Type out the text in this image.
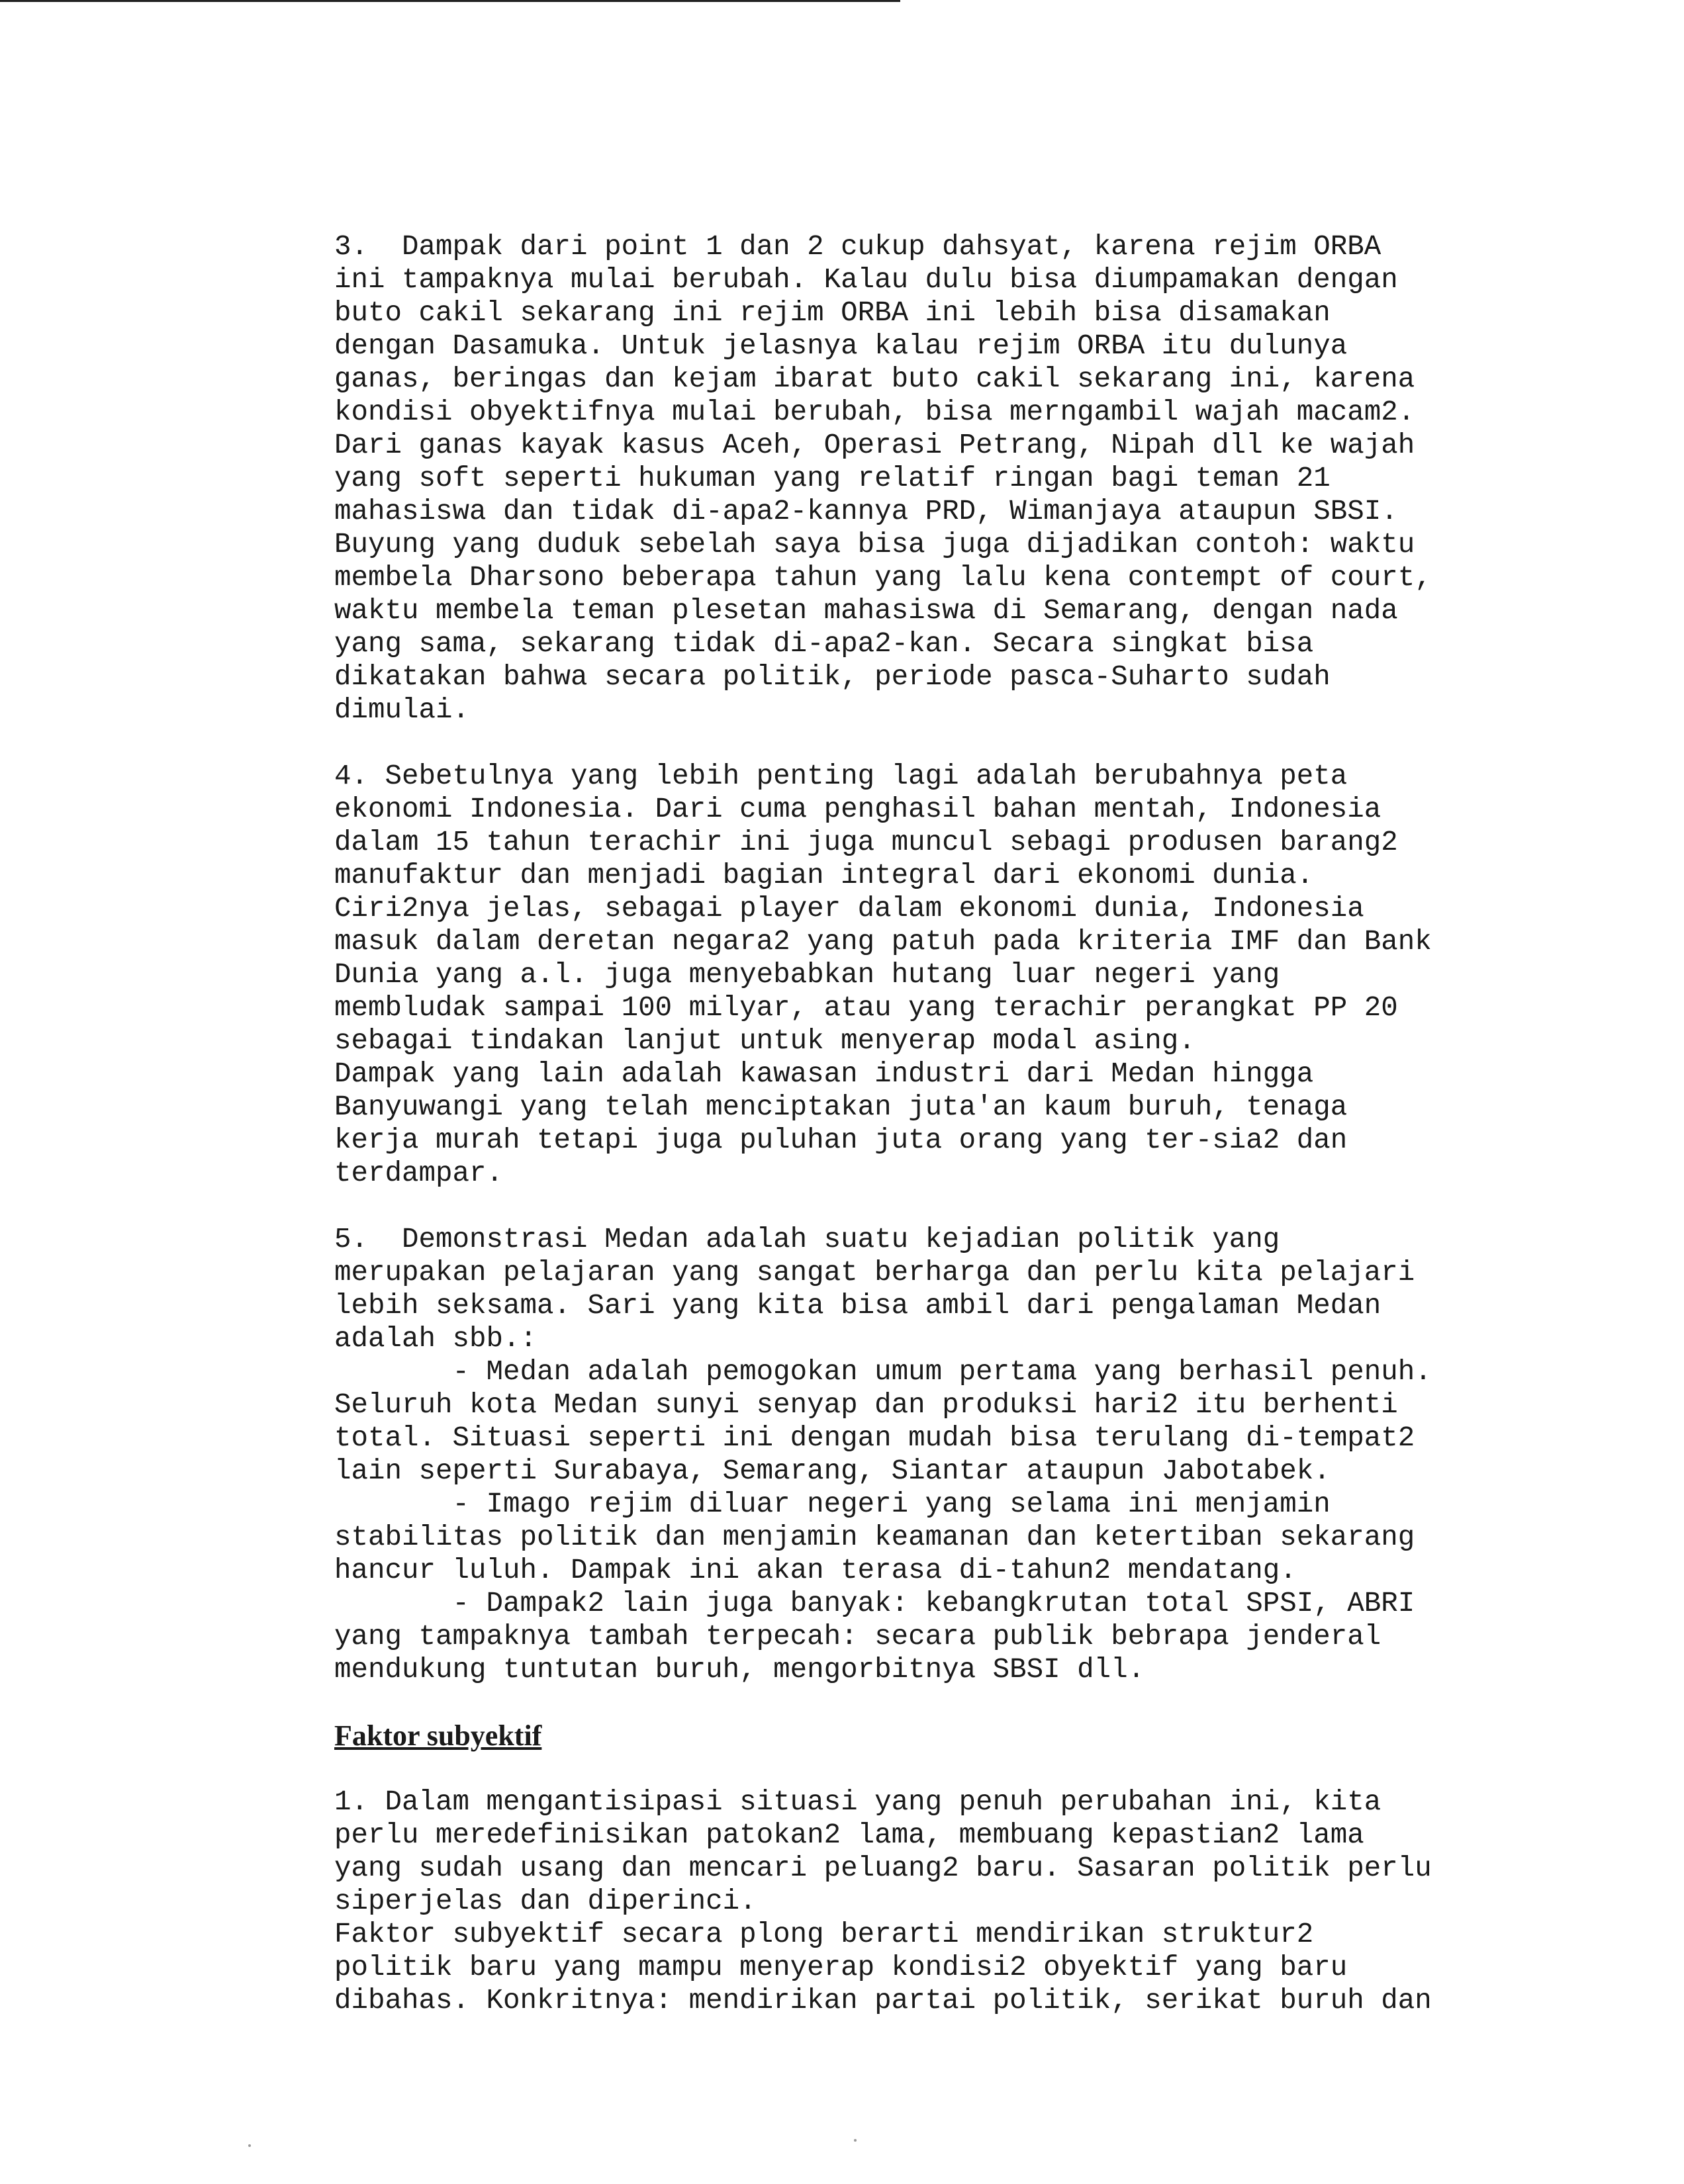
3.  Dampak dari point 1 dan 2 cukup dahsyat, karena rejim ORBA
ini tampaknya mulai berubah. Kalau dulu bisa diumpamakan dengan
buto cakil sekarang ini rejim ORBA ini lebih bisa disamakan
dengan Dasamuka. Untuk jelasnya kalau rejim ORBA itu dulunya
ganas, beringas dan kejam ibarat buto cakil sekarang ini, karena
kondisi obyektifnya mulai berubah, bisa merngambil wajah macam2.
Dari ganas kayak kasus Aceh, Operasi Petrang, Nipah dll ke wajah
yang soft seperti hukuman yang relatif ringan bagi teman 21
mahasiswa dan tidak di-apa2-kannya PRD, Wimanjaya ataupun SBSI.
Buyung yang duduk sebelah saya bisa juga dijadikan contoh: waktu
membela Dharsono beberapa tahun yang lalu kena contempt of court,
waktu membela teman plesetan mahasiswa di Semarang, dengan nada
yang sama, sekarang tidak di-apa2-kan. Secara singkat bisa
dikatakan bahwa secara politik, periode pasca-Suharto sudah
dimulai.
4. Sebetulnya yang lebih penting lagi adalah berubahnya peta
ekonomi Indonesia. Dari cuma penghasil bahan mentah, Indonesia
dalam 15 tahun terachir ini juga muncul sebagi produsen barang2
manufaktur dan menjadi bagian integral dari ekonomi dunia.
Ciri2nya jelas, sebagai player dalam ekonomi dunia, Indonesia
masuk dalam deretan negara2 yang patuh pada kriteria IMF dan Bank
Dunia yang a.l. juga menyebabkan hutang luar negeri yang
membludak sampai 100 milyar, atau yang terachir perangkat PP 20
sebagai tindakan lanjut untuk menyerap modal asing.
Dampak yang lain adalah kawasan industri dari Medan hingga
Banyuwangi yang telah menciptakan juta'an kaum buruh, tenaga
kerja murah tetapi juga puluhan juta orang yang ter-sia2 dan
terdampar.
5.  Demonstrasi Medan adalah suatu kejadian politik yang
merupakan pelajaran yang sangat berharga dan perlu kita pelajari
lebih seksama. Sari yang kita bisa ambil dari pengalaman Medan
adalah sbb.:
- Medan adalah pemogokan umum pertama yang berhasil penuh.
Seluruh kota Medan sunyi senyap dan produksi hari2 itu berhenti
total. Situasi seperti ini dengan mudah bisa terulang di-tempat2
lain seperti Surabaya, Semarang, Siantar ataupun Jabotabek.
- Imago rejim diluar negeri yang selama ini menjamin
stabilitas politik dan menjamin keamanan dan ketertiban sekarang
hancur luluh. Dampak ini akan terasa di-tahun2 mendatang.
- Dampak2 lain juga banyak: kebangkrutan total SPSI, ABRI
yang tampaknya tambah terpecah: secara publik bebrapa jenderal
mendukung tuntutan buruh, mengorbitnya SBSI dll.
Faktor subyektif
1. Dalam mengantisipasi situasi yang penuh perubahan ini, kita
perlu meredefinisikan patokan2 lama, membuang kepastian2 lama
yang sudah usang dan mencari peluang2 baru. Sasaran politik perlu
siperjelas dan diperinci.
Faktor subyektif secara plong berarti mendirikan struktur2
politik baru yang mampu menyerap kondisi2 obyektif yang baru
dibahas. Konkritnya: mendirikan partai politik, serikat buruh dan
